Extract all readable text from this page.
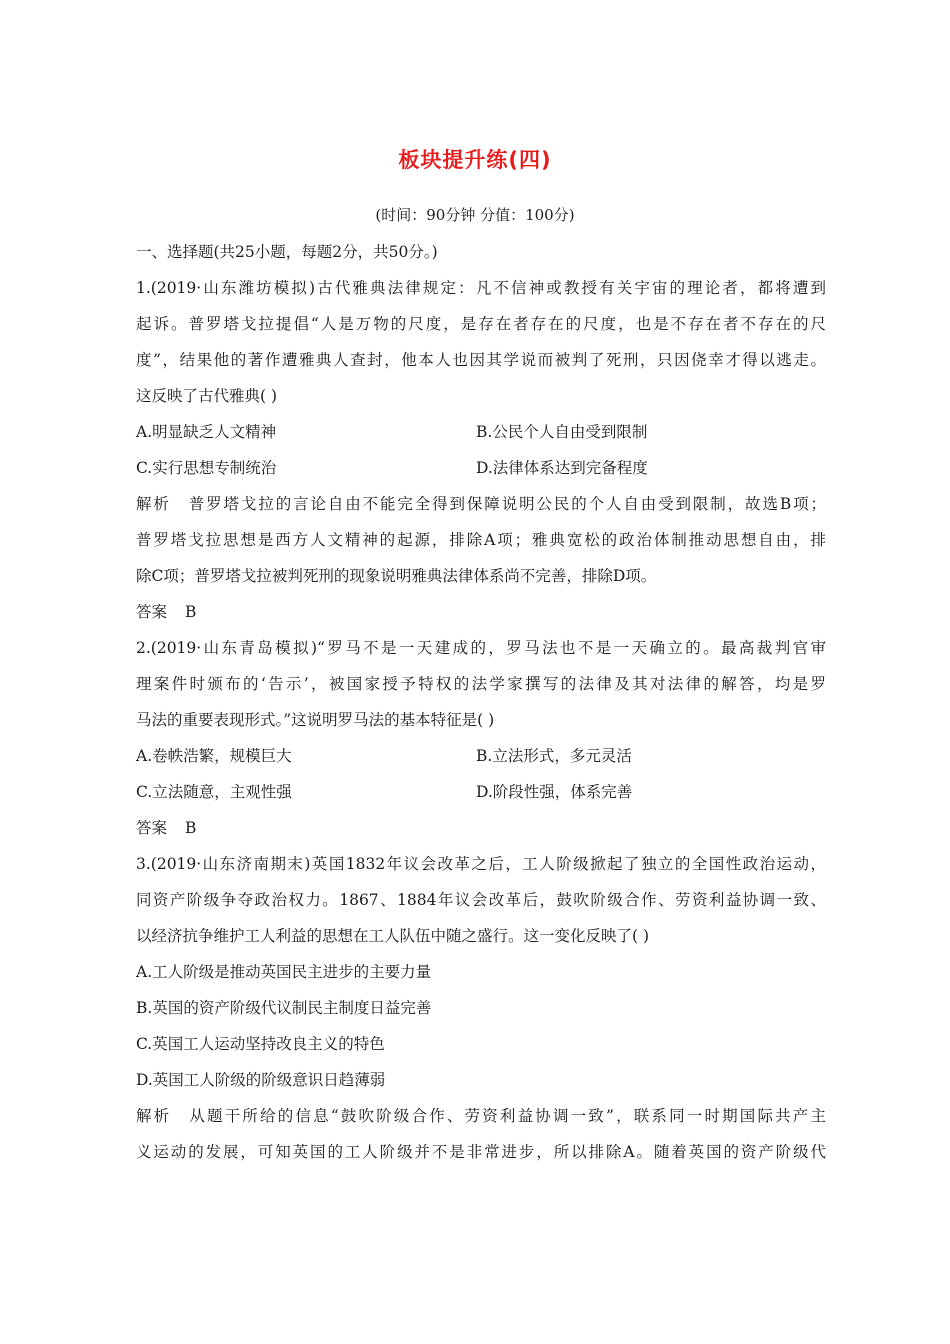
板块提升练(四)
(时间：90分钟 分值：100分)
一、选择题(共25小题，每题2分，共50分。)
1.(2019·山东潍坊模拟)古代雅典法律规定：凡不信神或教授有关宇宙的理论者，都将遭到
起诉。普罗塔戈拉提倡“人是万物的尺度，是存在者存在的尺度，也是不存在者不存在的尺
度”，结果他的著作遭雅典人查封，他本人也因其学说而被判了死刑，只因侥幸才得以逃走。
这反映了古代雅典( )
A.明显缺乏人文精神	B.公民个人自由受到限制
C.实行思想专制统治	D.法律体系达到完备程度
解析 普罗塔戈拉的言论自由不能完全得到保障说明公民的个人自由受到限制，故选B项；
普罗塔戈拉思想是西方人文精神的起源，排除A项；雅典宽松的政治体制推动思想自由，排
除C项；普罗塔戈拉被判死刑的现象说明雅典法律体系尚不完善，排除D项。
答案 B
2.(2019·山东青岛模拟)“罗马不是一天建成的，罗马法也不是一天确立的。最高裁判官审
理案件时颁布的‘告示’，被国家授予特权的法学家撰写的法律及其对法律的解答，均是罗
马法的重要表现形式。”这说明罗马法的基本特征是( )
A.卷帙浩繁，规模巨大	B.立法形式，多元灵活
C.立法随意，主观性强	D.阶段性强，体系完善
答案 B
3.(2019·山东济南期末)英国1832年议会改革之后，工人阶级掀起了独立的全国性政治运动，
同资产阶级争夺政治权力。1867、1884年议会改革后，鼓吹阶级合作、劳资利益协调一致、
以经济抗争维护工人利益的思想在工人队伍中随之盛行。这一变化反映了( )
A.工人阶级是推动英国民主进步的主要力量
B.英国的资产阶级代议制民主制度日益完善
C.英国工人运动坚持改良主义的特色
D.英国工人阶级的阶级意识日趋薄弱
解析 从题干所给的信息“鼓吹阶级合作、劳资利益协调一致”，联系同一时期国际共产主
义运动的发展，可知英国的工人阶级并不是非常进步，所以排除A。随着英国的资产阶级代
